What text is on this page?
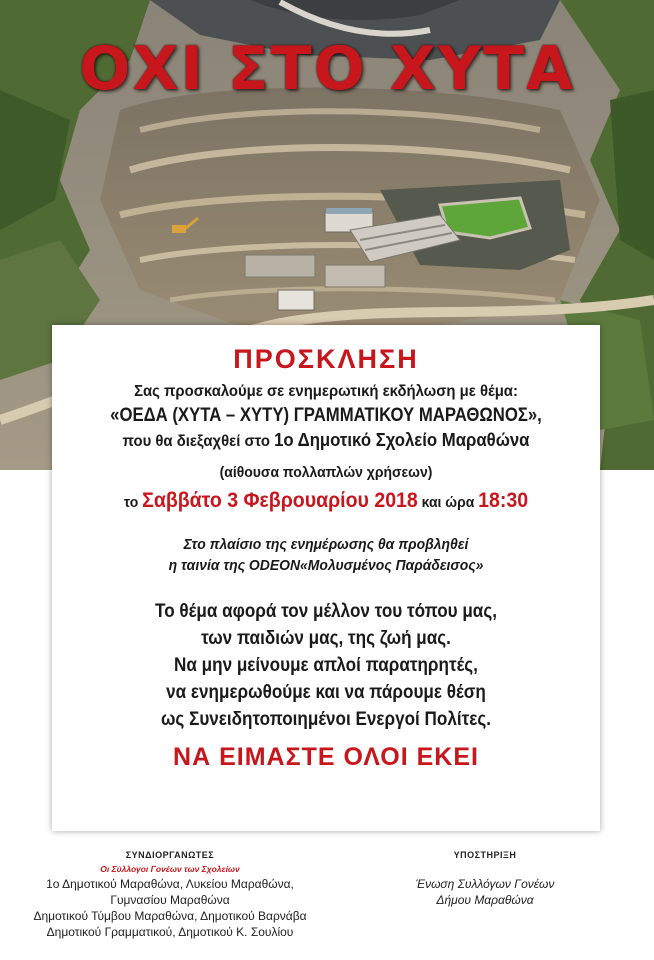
ΟΧΙ ΣΤΟ ΧΥΤΑ
ΠΡΟΣΚΛΗΣΗ
Σας προσκαλούμε σε ενημερωτική εκδήλωση με θέμα:
«ΟΕΔΑ (ΧΥΤΑ – ΧΥΤΥ) ΓΡΑΜΜΑΤΙΚΟΥ ΜΑΡΑΘΩΝΟΣ»,
που θα διεξαχθεί στο 1ο Δημοτικό Σχολείο Μαραθώνα
(αίθουσα πολλαπλών χρήσεων)
το Σαββάτο 3 Φεβρουαρίου 2018 και ώρα 18:30
Στο πλαίσιο της ενημέρωσης θα προβληθεί
η ταινία της ODEON«Μολυσμένος Παράδεισος»
Το θέμα αφορά τον μέλλον του τόπου μας,
των παιδιών μας, της ζωή μας.
Να μην μείνουμε απλοί παρατηρητές,
να ενημερωθούμε και να πάρουμε θέση
ως Συνειδητοποιημένοι Ενεργοί Πολίτες.
ΝΑ ΕΙΜΑΣΤΕ ΟΛΟΙ ΕΚΕΙ
ΣΥΝΔΙΟΡΓΑΝΩΤΕΣ
Οι Σύλλογοι Γονέων των Σχολείων
1ο Δημοτικού Μαραθώνα, Λυκείου Μαραθώνα,
Γυμνασίου Μαραθώνα
Δημοτικού Τύμβου Μαραθώνα, Δημοτικού Βαρνάβα
Δημοτικού Γραμματικού, Δημοτικού Κ. Σουλίου
ΥΠΟΣΤΗΡΙΞΗ
Ένωση Συλλόγων Γονέων
Δήμου Μαραθώνα
